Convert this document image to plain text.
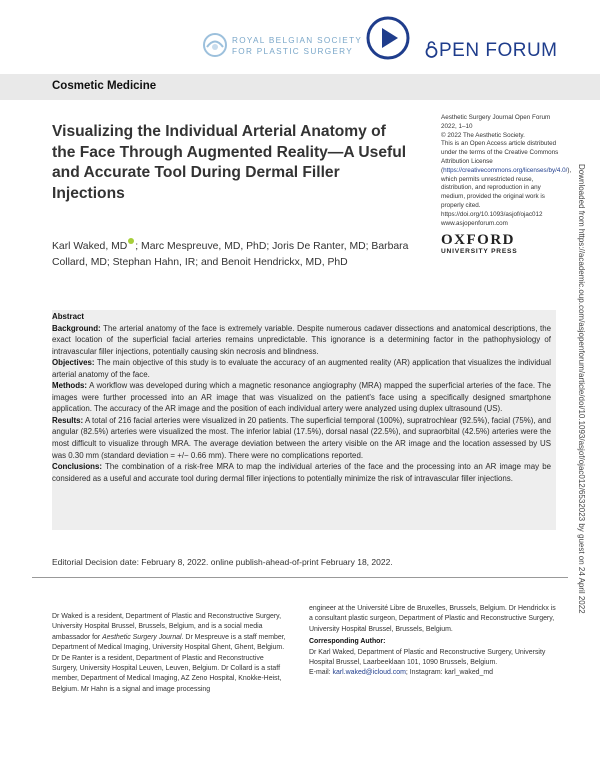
ROYAL BELGIAN SOCIETY
FOR PLASTIC SURGERY	PEN FORUM
Cosmetic Medicine
Visualizing the Individual Arterial Anatomy of the Face Through Augmented Reality—A Useful and Accurate Tool During Dermal Filler Injections
Aesthetic Surgery Journal Open Forum
2022, 1–10
© 2022 The Aesthetic Society.
This is an Open Access article distributed under the terms of the Creative Commons Attribution License (https://creativecommons.org/licenses/by/4.0/), which permits unrestricted reuse, distribution, and reproduction in any medium, provided the original work is properly cited.
https://doi.org/10.1093/asjof/ojac012
www.asjopenforum.com
OXFORD
UNIVERSITY PRESS
Karl Waked, MD ; Marc Mespreuve, MD, PhD; Joris De Ranter, MD; Barbara Collard, MD; Stephan Hahn, IR; and Benoit Hendrickx, MD, PhD	Downloaded from https://academic.oup.com/asjopenforum/article/doi/10.1093/asjof/ojac012/6532023 by guest on 24 April 2022

Abstract

Background: The arterial anatomy of the face is extremely variable. Despite numerous cadaver dissections and anatomical descriptions, the exact location of the superficial facial arteries remains unpredictable. This ignorance is a determining factor in the pathophysiology of intravascular filler injections, potentially causing skin necrosis and blindness.

Objectives: The main objective of this study is to evaluate the accuracy of an augmented reality (AR) application that visualizes the individual arterial anatomy of the face.

Methods: A workflow was developed during which a magnetic resonance angiography (MRA) mapped the superficial arteries of the face. The images were further processed into an AR image that was visualized on the patient's face using a specifically designed smartphone application. The accuracy of the AR image and the position of each individual artery were analyzed using duplex ultrasound (US).

Results: A total of 216 facial arteries were visualized in 20 patients. The superficial temporal (100%), supratrochlear (92.5%), facial (75%), and angular (82.5%) arteries were visualized the most. The inferior labial (17.5%), dorsal nasal (22.5%), and supraorbital (42.5%) arteries were the most difficult to visualize through MRA. The average deviation between the artery visible on the AR image and the location assessed by US was 0.30 mm (standard deviation = +/− 0.66 mm). There were no complications reported.

Conclusions: The combination of a risk-free MRA to map the individual arteries of the face and the processing into an AR image may be considered as a useful and accurate tool during dermal filler injections to potentially minimize the risk of intravascular filler injections.

Editorial Decision date: February 8, 2022. online publish-ahead-of-print February 18, 2022.
Dr Waked is a resident, Department of Plastic and Reconstructive Surgery, University Hospital Brussel, Brussels, Belgium, and is a social media ambassador for Aesthetic Surgery Journal. Dr Mespreuve is a staff member, Department of Medical Imaging, University Hospital Ghent, Ghent, Belgium. Dr De Ranter is a resident, Department of Plastic and Reconstructive Surgery, University Hospital Leuven, Leuven, Belgium. Dr Collard is a staff member, Department of Medical Imaging, AZ Zeno Hospital, Knokke-Heist, Belgium. Mr Hahn is a signal and image processing

engineer at the Université Libre de Bruxelles, Brussels, Belgium. Dr Hendrickx is a consultant plastic surgeon, Department of Plastic and Reconstructive Surgery, University Hospital Brussel, Brussels, Belgium.

Corresponding Author:

Dr Karl Waked, Department of Plastic and Reconstructive Surgery, University Hospital Brussel, Laarbeeklaan 101, 1090 Brussels, Belgium.

E-mail: karl.waked@icloud.com; Instagram: karl_waked_md
